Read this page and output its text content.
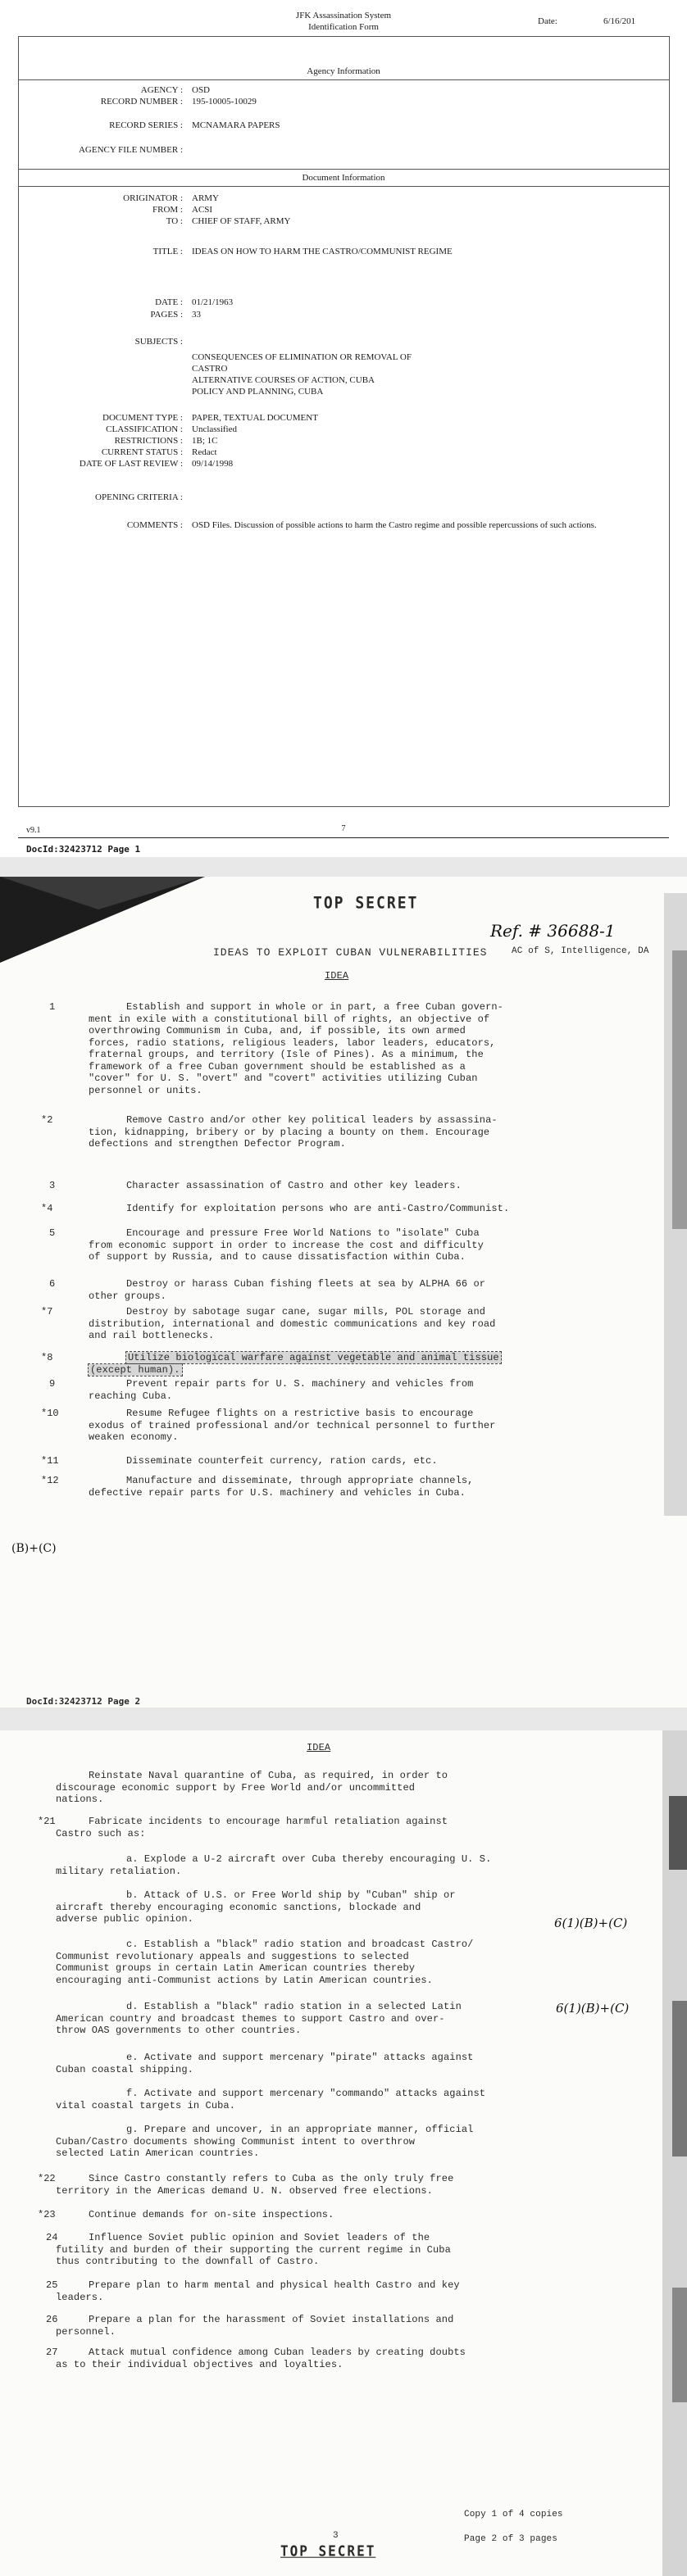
JFK Assassination System
Identification Form
Date:	6/16/201
Agency Information
AGENCY : OSD
RECORD NUMBER : 195-10005-10029
RECORD SERIES : MCNAMARA PAPERS
AGENCY FILE NUMBER :
Document Information
ORIGINATOR : ARMY
FROM : ACSI
TO : CHIEF OF STAFF, ARMY
TITLE : IDEAS ON HOW TO HARM THE CASTRO/COMMUNIST REGIME
DATE : 01/21/1963
PAGES : 33
SUBJECTS :
CONSEQUENCES OF ELIMINATION OR REMOVAL OF
CASTRO
ALTERNATIVE COURSES OF ACTION, CUBA
POLICY AND PLANNING, CUBA
DOCUMENT TYPE : PAPER, TEXTUAL DOCUMENT
CLASSIFICATION : Unclassified
RESTRICTIONS : 1B; 1C
CURRENT STATUS : Redact
DATE OF LAST REVIEW : 09/14/1998
OPENING CRITERIA :
COMMENTS : OSD Files. Discussion of possible actions to harm the Castro regime and possible repercussions of such actions.
v9.1	7
DocId:32423712 Page 1
TOP SECRET
Ref. # 36688-1
AC of S, Intelligence, DA
IDEAS TO EXPLOIT CUBAN VULNERABILITIES
IDEA
1	Establish and support in whole or in part, a free Cuban govern-
ment in exile with a constitutional bill of rights, an objective of
overthrowing Communism in Cuba, and, if possible, its own armed
forces, radio stations, religious leaders, labor leaders, educators,
fraternal groups, and territory (Isle of Pines). As a minimum, the
framework of a free Cuban government should be established as a
"cover" for U. S. "overt" and "covert" activities utilizing Cuban
personnel or units.
*2	Remove Castro and/or other key political leaders by assassina-
tion, kidnapping, bribery or by placing a bounty on them. Encourage
defections and strengthen Defector Program.
3	Character assassination of Castro and other key leaders.
*4	Identify for exploitation persons who are anti-Castro/Communist.
5	Encourage and pressure Free World Nations to "isolate" Cuba
from economic support in order to increase the cost and difficulty
of support by Russia, and to cause dissatisfaction within Cuba.
6	Destroy or harass Cuban fishing fleets at sea by ALPHA 66 or
other groups.
*7	Destroy by sabotage sugar cane, sugar mills, POL storage and
distribution, international and domestic communications and key road
and rail bottlenecks.
*8	Utilize biological warfare against vegetable and animal tissue
(except human).
9	Prevent repair parts for U. S. machinery and vehicles from
reaching Cuba.
*10	Resume Refugee flights on a restrictive basis to encourage
exodus of trained professional and/or technical personnel to further
weaken economy.
*11	Disseminate counterfeit currency, ration cards, etc.
*12	Manufacture and disseminate, through appropriate channels,
defective repair parts for U.S. machinery and vehicles in Cuba.
(B)+(C)
DocId:32423712 Page 2
IDEA
Reinstate Naval quarantine of Cuba, as required, in order to
discourage economic support by Free World and/or uncommitted
nations.
*21	Fabricate incidents to encourage harmful retaliation against
Castro such as:
a. Explode a U-2 aircraft over Cuba thereby encouraging U. S.
military retaliation.
b. Attack of U.S. or Free World ship by "Cuban" ship or
aircraft thereby encouraging economic sanctions, blockade and
adverse public opinion.
c. Establish a "black" radio station and broadcast Castro/
Communist revolutionary appeals and suggestions to selected
Communist groups in certain Latin American countries thereby
encouraging anti-Communist actions by Latin American countries.
d. Establish a "black" radio station in a selected Latin
American country and broadcast themes to support Castro and over-
throw OAS governments to other countries.
e. Activate and support mercenary "pirate" attacks against
Cuban coastal shipping.
f. Activate and support mercenary "commando" attacks against
vital coastal targets in Cuba.
g. Prepare and uncover, in an appropriate manner, official
Cuban/Castro documents showing Communist intent to overthrow
selected Latin American countries.
*22	Since Castro constantly refers to Cuba as the only truly free
territory in the Americas demand U. N. observed free elections.
*23	Continue demands for on-site inspections.
24	Influence Soviet public opinion and Soviet leaders of the
futility and burden of their supporting the current regime in Cuba
thus contributing to the downfall of Castro.
25	Prepare plan to harm mental and physical health Castro and key
leaders.
26	Prepare a plan for the harassment of Soviet installations and
personnel.
27	Attack mutual confidence among Cuban leaders by creating doubts
as to their individual objectives and loyalties.
6(1)(B)+(C)
6(1)(B)+(C)
Copy 1 of 4 copies
Page 2 of 3 pages
3
TOP SECRET
